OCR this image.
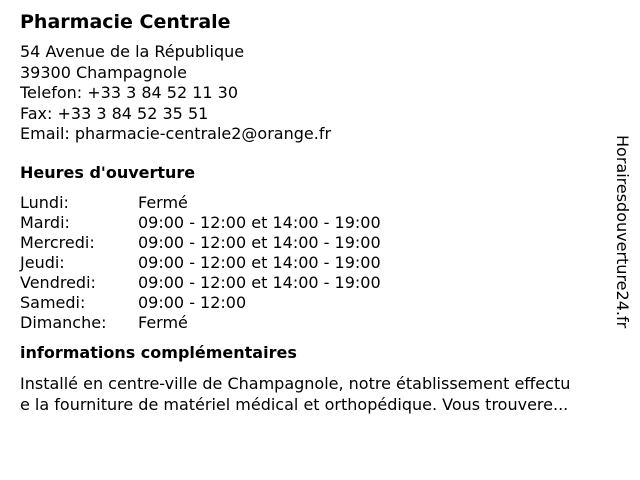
Pharmacie Centrale
54 Avenue de la République
39300 Champagnole
Telefon: +33 3 84 52 11 30
Fax: +33 3 84 52 35 51
Email: pharmacie-centrale2@orange.fr
Heures d'ouverture
Lundi:	Fermé
Mardi:	09:00 - 12:00 et 14:00 - 19:00
Mercredi:	09:00 - 12:00 et 14:00 - 19:00
Jeudi:	09:00 - 12:00 et 14:00 - 19:00
Vendredi:	09:00 - 12:00 et 14:00 - 19:00
Samedi:	09:00 - 12:00
Dimanche:	Fermé
informations complémentaires
Installé en centre-ville de Champagnole, notre établissement effectu
e la fourniture de matériel médical et orthopédique. Vous trouvere...
Horairesdouverture24.fr
